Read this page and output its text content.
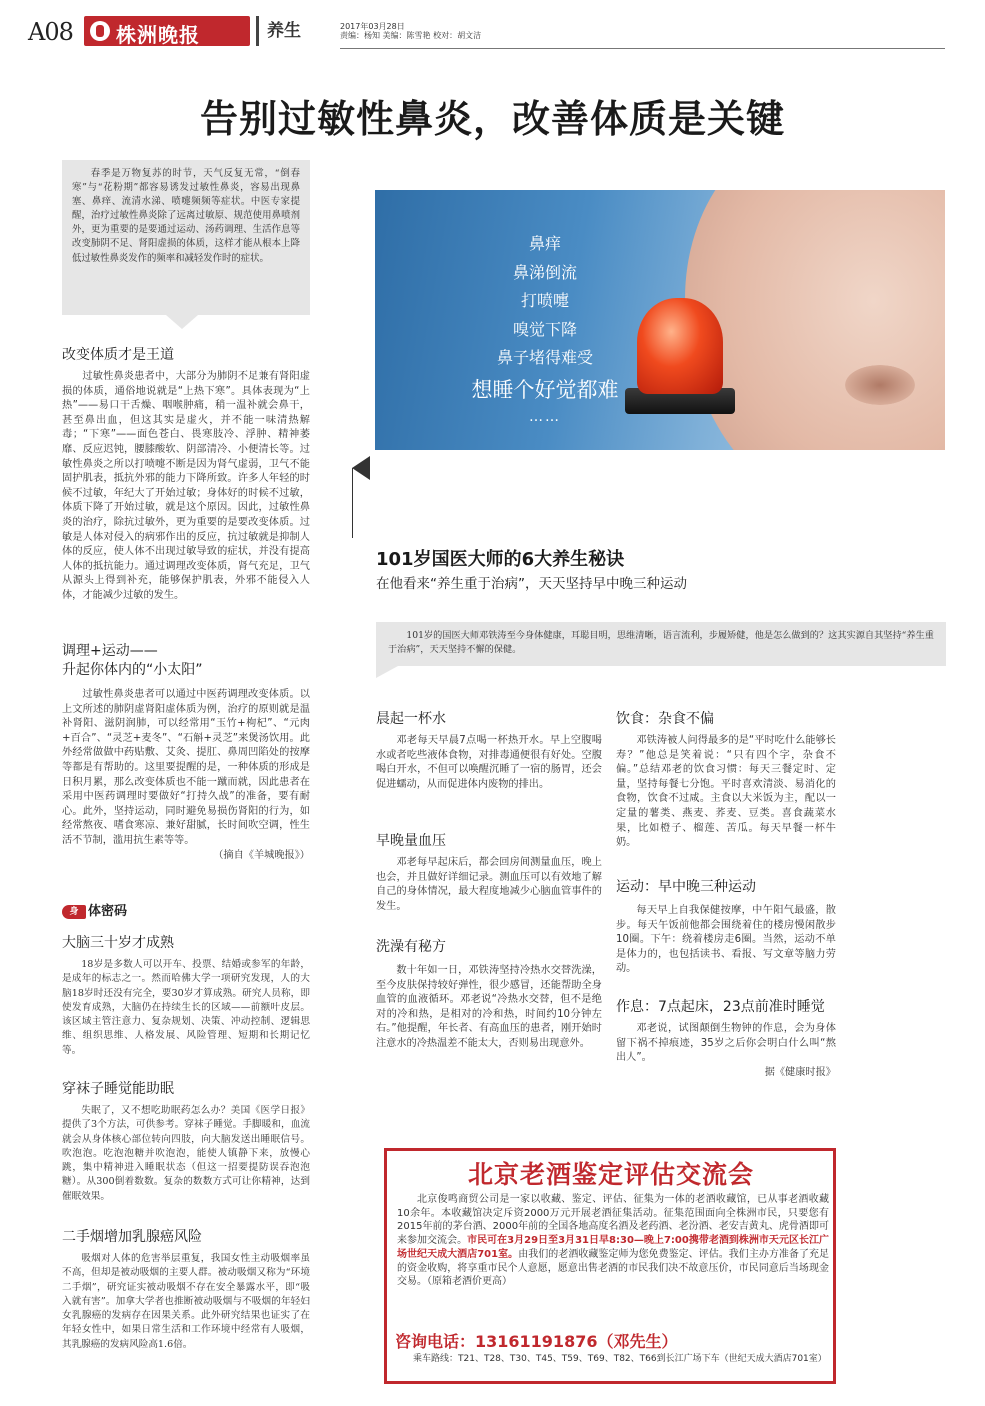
A08 株洲晚报	养生	2017年03月28日
责编：杨知 美编：陈雪艳 校对：胡文洁
告别过敏性鼻炎，改善体质是关键

春季是万物复苏的时节，天气反复无常，“倒春寒”与“花粉期”都容易诱发过敏性鼻炎，容易出现鼻塞、鼻痒、流清水涕、喷嚏频频等症状。中医专家提醒，治疗过敏性鼻炎除了远离过敏原、规范使用鼻喷剂外，更为重要的是要通过运动、汤药调理、生活作息等改变肺阴不足、肾阳虚损的体质，这样才能从根本上降低过敏性鼻炎发作的频率和减轻发作时的症状。

改变体质才是王道

过敏性鼻炎患者中，大部分为肺阴不足兼有肾阳虚损的体质，通俗地说就是“上热下寒”。具体表现为“上热”——易口干舌燥、咽喉肿痛，稍一温补就会鼻干，甚至鼻出血，但这其实是虚火，并不能一味清热解毒；“下寒”——面色苍白、畏寒肢冷、浮肿、精神萎靡、反应迟钝，腰膝酸软、阴部清冷、小便清长等。过敏性鼻炎之所以打喷嚏不断是因为肾气虚弱，卫气不能固护肌表，抵抗外邪的能力下降所致。许多人年轻的时候不过敏，年纪大了开始过敏；身体好的时候不过敏，体质下降了开始过敏，就是这个原因。因此，过敏性鼻炎的治疗，除抗过敏外，更为重要的是要改变体质。过敏是人体对侵入的病邪作出的反应，抗过敏就是抑制人体的反应，使人体不出现过敏导致的症状，并没有提高人体的抵抗能力。通过调理改变体质，肾气充足，卫气从源头上得到补充，能够保护肌表，外邪不能侵入人体，才能减少过敏的发生。

调理+运动——
升起你体内的“小太阳”

过敏性鼻炎患者可以通过中医药调理改变体质。以上文所述的肺阴虚肾阳虚体质为例，治疗的原则就是温补肾阳、滋阴润肺，可以经常用“玉竹+枸杞”、“元肉+百合”、“灵芝+麦冬”、“石斛+灵芝”来煲汤饮用。此外经常做做中药贴敷、艾灸、提肛、鼻周凹陷处的按摩等都是有帮助的。这里要提醒的是，一种体质的形成是日积月累，那么改变体质也不能一蹴而就，因此患者在采用中医药调理时要做好“打持久战”的准备，要有耐心。此外，坚持运动，同时避免易损伤肾阳的行为，如经常熬夜、嗜食寒凉、兼好甜腻，长时间吹空调，性生活不节制，滥用抗生素等等。

（摘自《羊城晚报》）
身 体密码
大脑三十岁才成熟

18岁是多数人可以开车、投票、结婚或参军的年龄，是成年的标志之一。然而哈佛大学一项研究发现，人的大脑18岁时还没有完全，要30岁才算成熟。研究人员称，即使发育成熟，大脑仍在持续生长的区域——前额叶皮层。该区域主管注意力、复杂规划、决策、冲动控制、逻辑思维、组织思维、人格发展、风险管理、短期和长期记忆等。

穿袜子睡觉能助眠

失眠了，又不想吃助眠药怎么办？美国《医学日报》提供了3个方法，可供参考。穿袜子睡觉。手脚暖和，血流就会从身体核心部位转向四肢，向大脑发送出睡眠信号。吹泡泡。吃泡泡糖并吹泡泡，能使人镇静下来，放慢心跳，集中精神进入睡眠状态（但这一招要提防误吞泡泡糖）。从300倒着数数。复杂的数数方式可让你精神，达到催眠效果。

二手烟增加乳腺癌风险

吸烟对人体的危害举层重复，我国女性主动吸烟率虽不高，但却是被动吸烟的主要人群。被动吸烟又称为“环境二手烟”，研究证实被动吸烟不存在安全暴露水平，即“吸入就有害”。加拿大学者也推断被动吸烟与不吸烟的年轻妇女乳腺癌的发病存在因果关系。此外研究结果也证实了在年轻女性中，如果日常生活和工作环境中经常有人吸烟，其乳腺癌的发病风险高1.6倍。

鼻痒
鼻涕倒流
打喷嚏
嗅觉下降
鼻子堵得难受
想睡个好觉都难
……
101岁国医大师的6大养生秘诀
在他看来“养生重于治病”，天天坚持早中晚三种运动

101岁的国医大师邓铁涛至今身体健康，耳聪目明，思维清晰，语言流利，步履矫健，他是怎么做到的？这其实源自其坚持“养生重于治病”，天天坚持不懈的保健。

晨起一杯水

邓老每天早晨7点喝一杯热开水。早上空腹喝水或者吃些液体食物，对排毒通便很有好处。空腹喝白开水，不但可以唤醒沉睡了一宿的肠胃，还会促进蠕动，从而促进体内废物的排出。

早晚量血压

邓老每早起床后，都会回房间测量血压，晚上也会，并且做好详细记录。测血压可以有效地了解自己的身体情况，最大程度地减少心脑血管事件的发生。

洗澡有秘方

数十年如一日，邓铁涛坚持冷热水交替洗澡，至今皮肤保持较好弹性，很少感冒，还能帮助全身血管的血液循环。邓老说“冷热水交替，但不是绝对的冷和热，是相对的冷和热，时间约10分钟左右。”他提醒，年长者、有高血压的患者，刚开始时注意水的冷热温差不能太大，否则易出现意外。

饮食：杂食不偏

邓铁涛被人问得最多的是“平时吃什么能够长寿？”他总是笑着说：“只有四个字，杂食不偏。”总结邓老的饮食习惯：每天三餐定时、定量，坚持每餐七分饱。平时喜欢清淡、易消化的食物，饮食不过咸。主食以大米饭为主，配以一定量的薯类、燕麦、荞麦、豆类。喜食蔬菜水果，比如橙子、榴莲、苦瓜。每天早餐一杯牛奶。

运动：早中晚三种运动

每天早上自我保健按摩，中午阳气最盛，散步。每天午饭前他都会围绕着住的楼房慢闲散步10圈。下午：绕着楼房走6圈。当然，运动不单是体力的，也包括读书、看报、写文章等脑力劳动。

作息：7点起床，23点前准时睡觉

邓老说，试图颠倒生物钟的作息，会为身体留下祸不掉痕迹，35岁之后你会明白什么叫“熬出人”。

据《健康时报》
北京老酒鉴定评估交流会
北京俊鸣商贸公司是一家以收藏、鉴定、评估、征集为一体的老酒收藏馆，已从事老酒收藏10余年。本收藏馆决定斥资2000万元开展老酒征集活动。征集范围面向全株洲市民，只要您有2015年前的茅台酒、2000年前的全国各地高度名酒及老药酒、老汾酒、老安吉黄丸、虎骨酒即可来参加交流会。市民可在3月29日至3月31日早8:30—晚上7:00携带老酒到株洲市天元区长江广场世纪天成大酒店701室。由我们的老酒收藏鉴定师为您免费鉴定、评估。我们主办方准备了充足的资金收购，将享重市民个人意愿，愿意出售老酒的市民我们决不故意压价，市民同意后当场现金交易。（原箱老酒价更高）
咨询电话：13161191876（邓先生）
乘车路线：T21、T28、T30、T45、T59、T69、T82、T66到长江广场下车（世纪天成大酒店701室）
